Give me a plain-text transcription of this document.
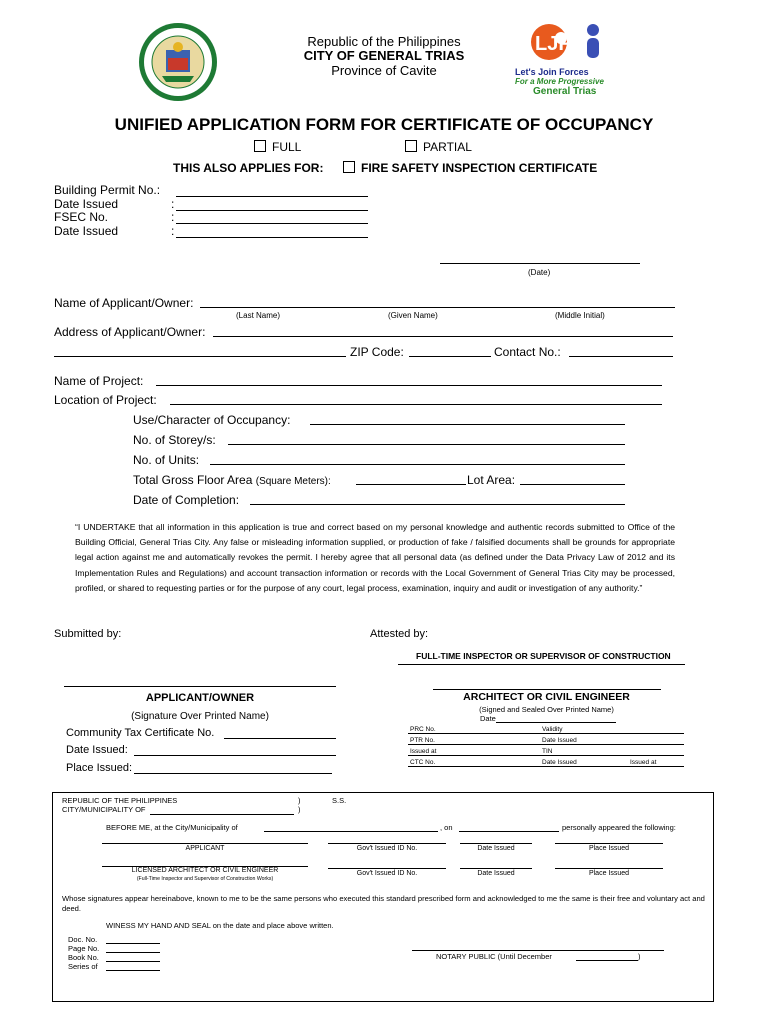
Republic of the Philippines
CITY OF GENERAL TRIAS
Province of Cavite
LJF
Let's Join Forces
For a More Progressive
General Trias
UNIFIED APPLICATION FORM FOR CERTIFICATE OF OCCUPANCY
FULL	PARTIAL
THIS ALSO APPLIES FOR:	FIRE SAFETY INSPECTION CERTIFICATE
Building Permit No.:
Date Issued	:
FSEC No.	:
Date Issued	:
(Date)
Name of Applicant/Owner:
(Last Name)	(Given Name)	(Middle Initial)
Address of Applicant/Owner:
ZIP Code:	Contact No.:
Name of Project:
Location of Project:
Use/Character of Occupancy:
No. of Storey/s:
No. of Units:
Total Gross Floor Area (Square Meters):	Lot Area:
Date of Completion:
“I UNDERTAKE that all information in this application is true and correct based on my personal knowledge and authentic records submitted to Office of the Building Official, General Trias City. Any false or misleading information supplied, or production of fake / falsified documents shall be grounds for appropriate legal action against me and automatically revokes the permit. I hereby agree that all personal data (as defined under the Data Privacy Law of 2012 and its Implementation Rules and Regulations) and account transaction information or records with the Local Government of General Trias City may be processed, profiled, or shared to requesting parties or for the purpose of any court, legal process, examination, inquiry and audit or investigation of any authority.”
Submitted by:	Attested by:
FULL-TIME INSPECTOR OR SUPERVISOR OF CONSTRUCTION
APPLICANT/OWNER
(Signature Over Printed Name)
Community Tax Certificate No.
Date Issued:
Place Issued:
ARCHITECT OR CIVIL ENGINEER
(Signed and Sealed Over Printed Name)
Date
PRC No.	Validity	
PTR No.	Date Issued	
Issued at	TIN	
CTC No.	Date Issued	Issued at
REPUBLIC OF THE PHILIPPINES	)	S.S.
CITY/MUNICIPALITY OF	)
BEFORE ME, at the City/Municipality of	, on	personally appeared the following:
APPLICANT	Gov't Issued ID No.	Date Issued	Place Issued
LICENSED ARCHITECT OR CIVIL ENGINEER
(Full-Time Inspector and Supervisor of Construction Works)
Gov't Issued ID No.	Date Issued	Place Issued
Whose signatures appear hereinabove, known to me to be the same persons who executed this standard prescribed form and acknowledged to me the same is their free and voluntary act and deed.
WINESS MY HAND AND SEAL on the date and place above written.
Doc. No.
Page No.
Book No.
Series of
NOTARY PUBLIC (Until December	)
